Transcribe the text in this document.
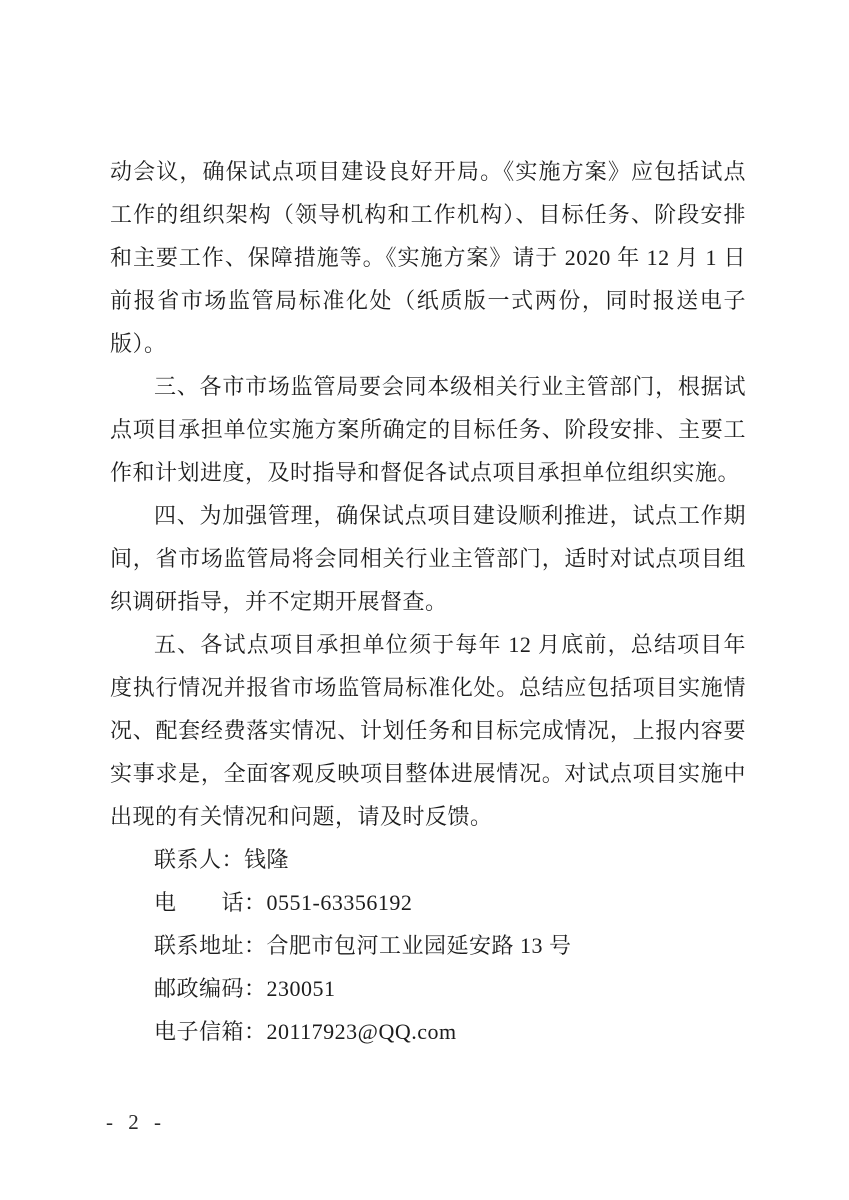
动会议，确保试点项目建设良好开局。《实施方案》应包括试点工作的组织架构（领导机构和工作机构）、目标任务、阶段安排和主要工作、保障措施等。《实施方案》请于 2020 年 12 月 1 日前报省市场监管局标准化处（纸质版一式两份，同时报送电子版）。

三、各市市场监管局要会同本级相关行业主管部门，根据试点项目承担单位实施方案所确定的目标任务、阶段安排、主要工作和计划进度，及时指导和督促各试点项目承担单位组织实施。

四、为加强管理，确保试点项目建设顺利推进，试点工作期间，省市场监管局将会同相关行业主管部门，适时对试点项目组织调研指导，并不定期开展督查。

五、各试点项目承担单位须于每年 12 月底前，总结项目年度执行情况并报省市场监管局标准化处。总结应包括项目实施情况、配套经费落实情况、计划任务和目标完成情况，上报内容要实事求是，全面客观反映项目整体进展情况。对试点项目实施中出现的有关情况和问题，请及时反馈。

联系人：钱隆

电　　话：0551-63356192

联系地址：合肥市包河工业园延安路 13 号

邮政编码：230051

电子信箱：20117923@QQ.com

- 2 -
